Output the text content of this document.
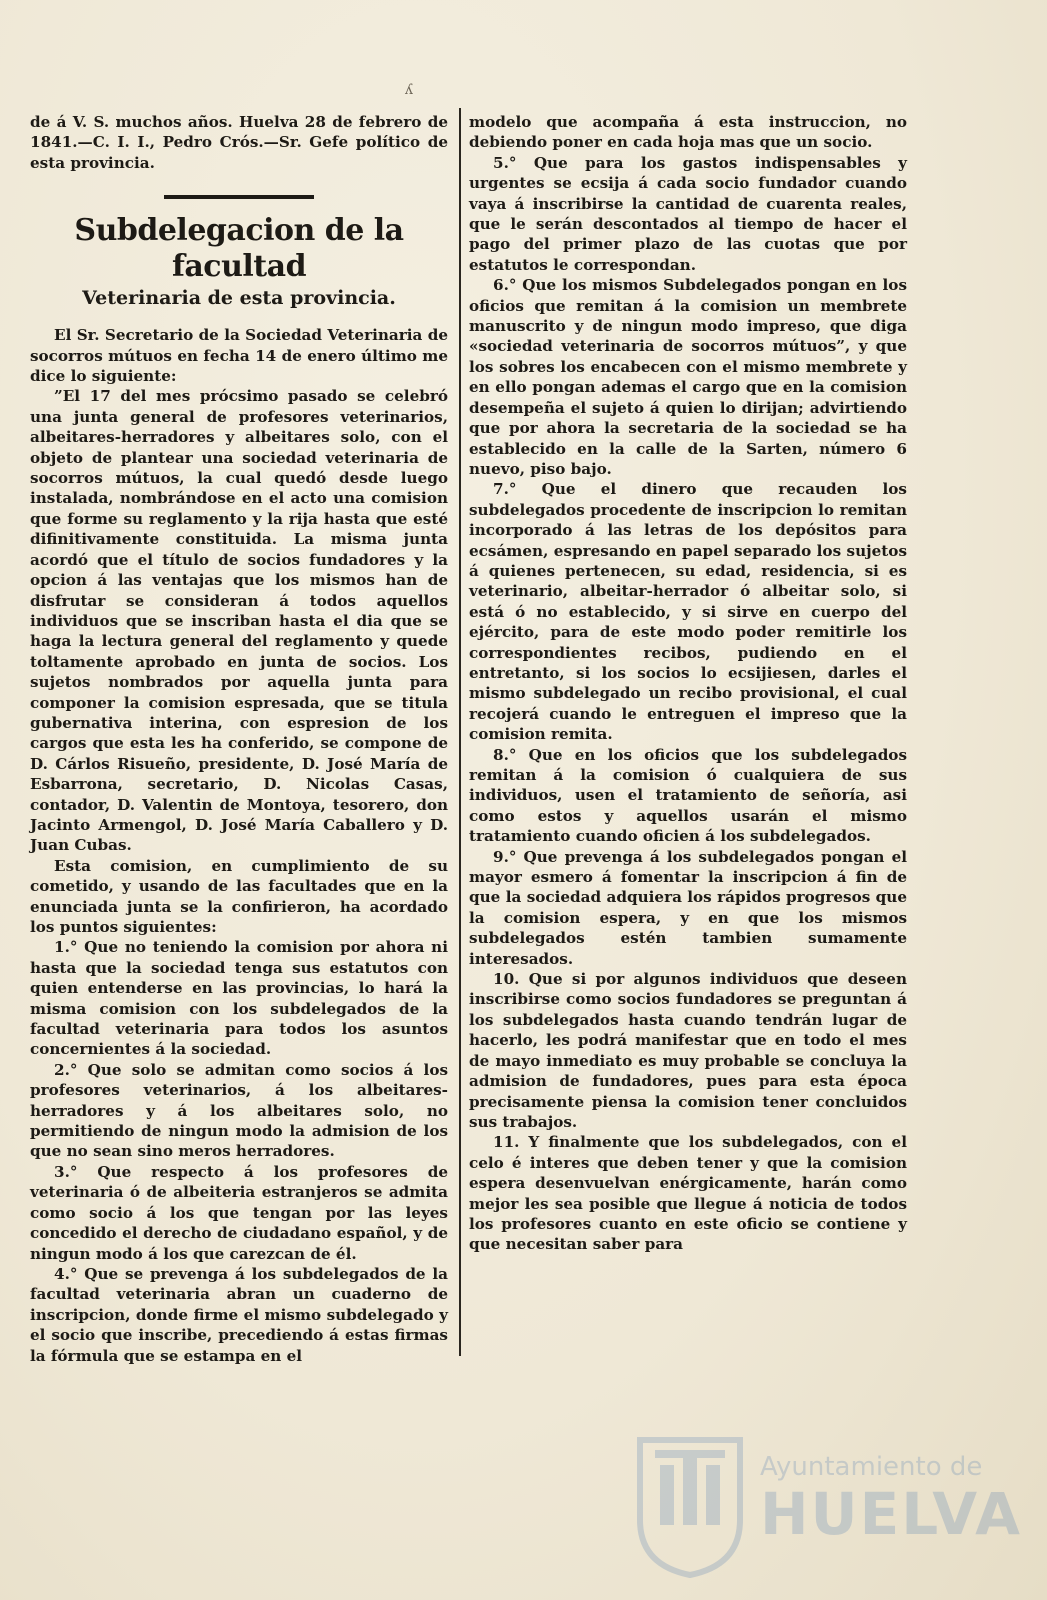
ʎ

de á V. S. muchos años. Huelva 28 de febrero de 1841.—C. I. I., Pedro Crós.—Sr. Gefe político de esta provincia.

Subdelegacion de la facultad
Veterinaria de esta provincia.

El Sr. Secretario de la Sociedad Veterinaria de socorros mútuos en fecha 14 de enero último me dice lo siguiente:

”El 17 del mes prócsimo pasado se celebró una junta general de profesores veterinarios, albeitares-herradores y albeitares solo, con el objeto de plantear una sociedad veterinaria de socorros mútuos, la cual quedó desde luego instalada, nombrándose en el acto una comision que forme su reglamento y la rija hasta que esté difinitivamente constituida. La misma junta acordó que el título de socios fundadores y la opcion á las ventajas que los mismos han de disfrutar se consideran á todos aquellos individuos que se inscriban hasta el dia que se haga la lectura general del reglamento y quede toltamente aprobado en junta de socios. Los sujetos nombrados por aquella junta para componer la comision espresada, que se titula gubernativa interina, con espresion de los cargos que esta les ha conferido, se compone de D. Cárlos Risueño, presidente, D. José María de Esbarrona, secretario, D. Nicolas Casas, contador, D. Valentin de Montoya, tesorero, don Jacinto Armengol, D. José María Caballero y D. Juan Cubas.

Esta comision, en cumplimiento de su cometido, y usando de las facultades que en la enunciada junta se la confirieron, ha acordado los puntos siguientes:

1.° Que no teniendo la comision por ahora ni hasta que la sociedad tenga sus estatutos con quien entenderse en las provincias, lo hará la misma comision con los subdelegados de la facultad veterinaria para todos los asuntos concernientes á la sociedad.

2.° Que solo se admitan como socios á los profesores veterinarios, á los albeitares-herradores y á los albeitares solo, no permitiendo de ningun modo la admision de los que no sean sino meros herradores.

3.° Que respecto á los profesores de veterinaria ó de albeiteria estranjeros se admita como socio á los que tengan por las leyes concedido el derecho de ciudadano español, y de ningun modo á los que carezcan de él.

4.° Que se prevenga á los subdelegados de la facultad veterinaria abran un cuaderno de inscripcion, donde firme el mismo subdelegado y el socio que inscribe, precediendo á estas firmas la fórmula que se estampa en el

modelo que acompaña á esta instruccion, no debiendo poner en cada hoja mas que un socio.

5.° Que para los gastos indispensables y urgentes se ecsija á cada socio fundador cuando vaya á inscribirse la cantidad de cuarenta reales, que le serán descontados al tiempo de hacer el pago del primer plazo de las cuotas que por estatutos le correspondan.

6.° Que los mismos Subdelegados pongan en los oficios que remitan á la comision un membrete manuscrito y de ningun modo impreso, que diga «sociedad veterinaria de socorros mútuos”, y que los sobres los encabecen con el mismo membrete y en ello pongan ademas el cargo que en la comision desempeña el sujeto á quien lo dirijan; advirtiendo que por ahora la secretaria de la sociedad se ha establecido en la calle de la Sarten, número 6 nuevo, piso bajo.

7.° Que el dinero que recauden los subdelegados procedente de inscripcion lo remitan incorporado á las letras de los depósitos para ecsámen, espresando en papel separado los sujetos á quienes pertenecen, su edad, residencia, si es veterinario, albeitar-herrador ó albeitar solo, si está ó no establecido, y si sirve en cuerpo del ejército, para de este modo poder remitirle los correspondientes recibos, pudiendo en el entretanto, si los socios lo ecsijiesen, darles el mismo subdelegado un recibo provisional, el cual recojerá cuando le entreguen el impreso que la comision remita.

8.° Que en los oficios que los subdelegados remitan á la comision ó cualquiera de sus individuos, usen el tratamiento de señoría, asi como estos y aquellos usarán el mismo tratamiento cuando oficien á los subdelegados.

9.° Que prevenga á los subdelegados pongan el mayor esmero á fomentar la inscripcion á fin de que la sociedad adquiera los rápidos progresos que la comision espera, y en que los mismos subdelegados estén tambien sumamente interesados.

10. Que si por algunos individuos que deseen inscribirse como socios fundadores se preguntan á los subdelegados hasta cuando tendrán lugar de hacerlo, les podrá manifestar que en todo el mes de mayo inmediato es muy probable se concluya la admision de fundadores, pues para esta época precisamente piensa la comision tener concluidos sus trabajos.

11. Y finalmente que los subdelegados, con el celo é interes que deben tener y que la comision espera desenvuelvan enérgicamente, harán como mejor les sea posible que llegue á noticia de todos los profesores cuanto en este oficio se contiene y que necesitan saber para

Ayuntamiento de
HUELVA
